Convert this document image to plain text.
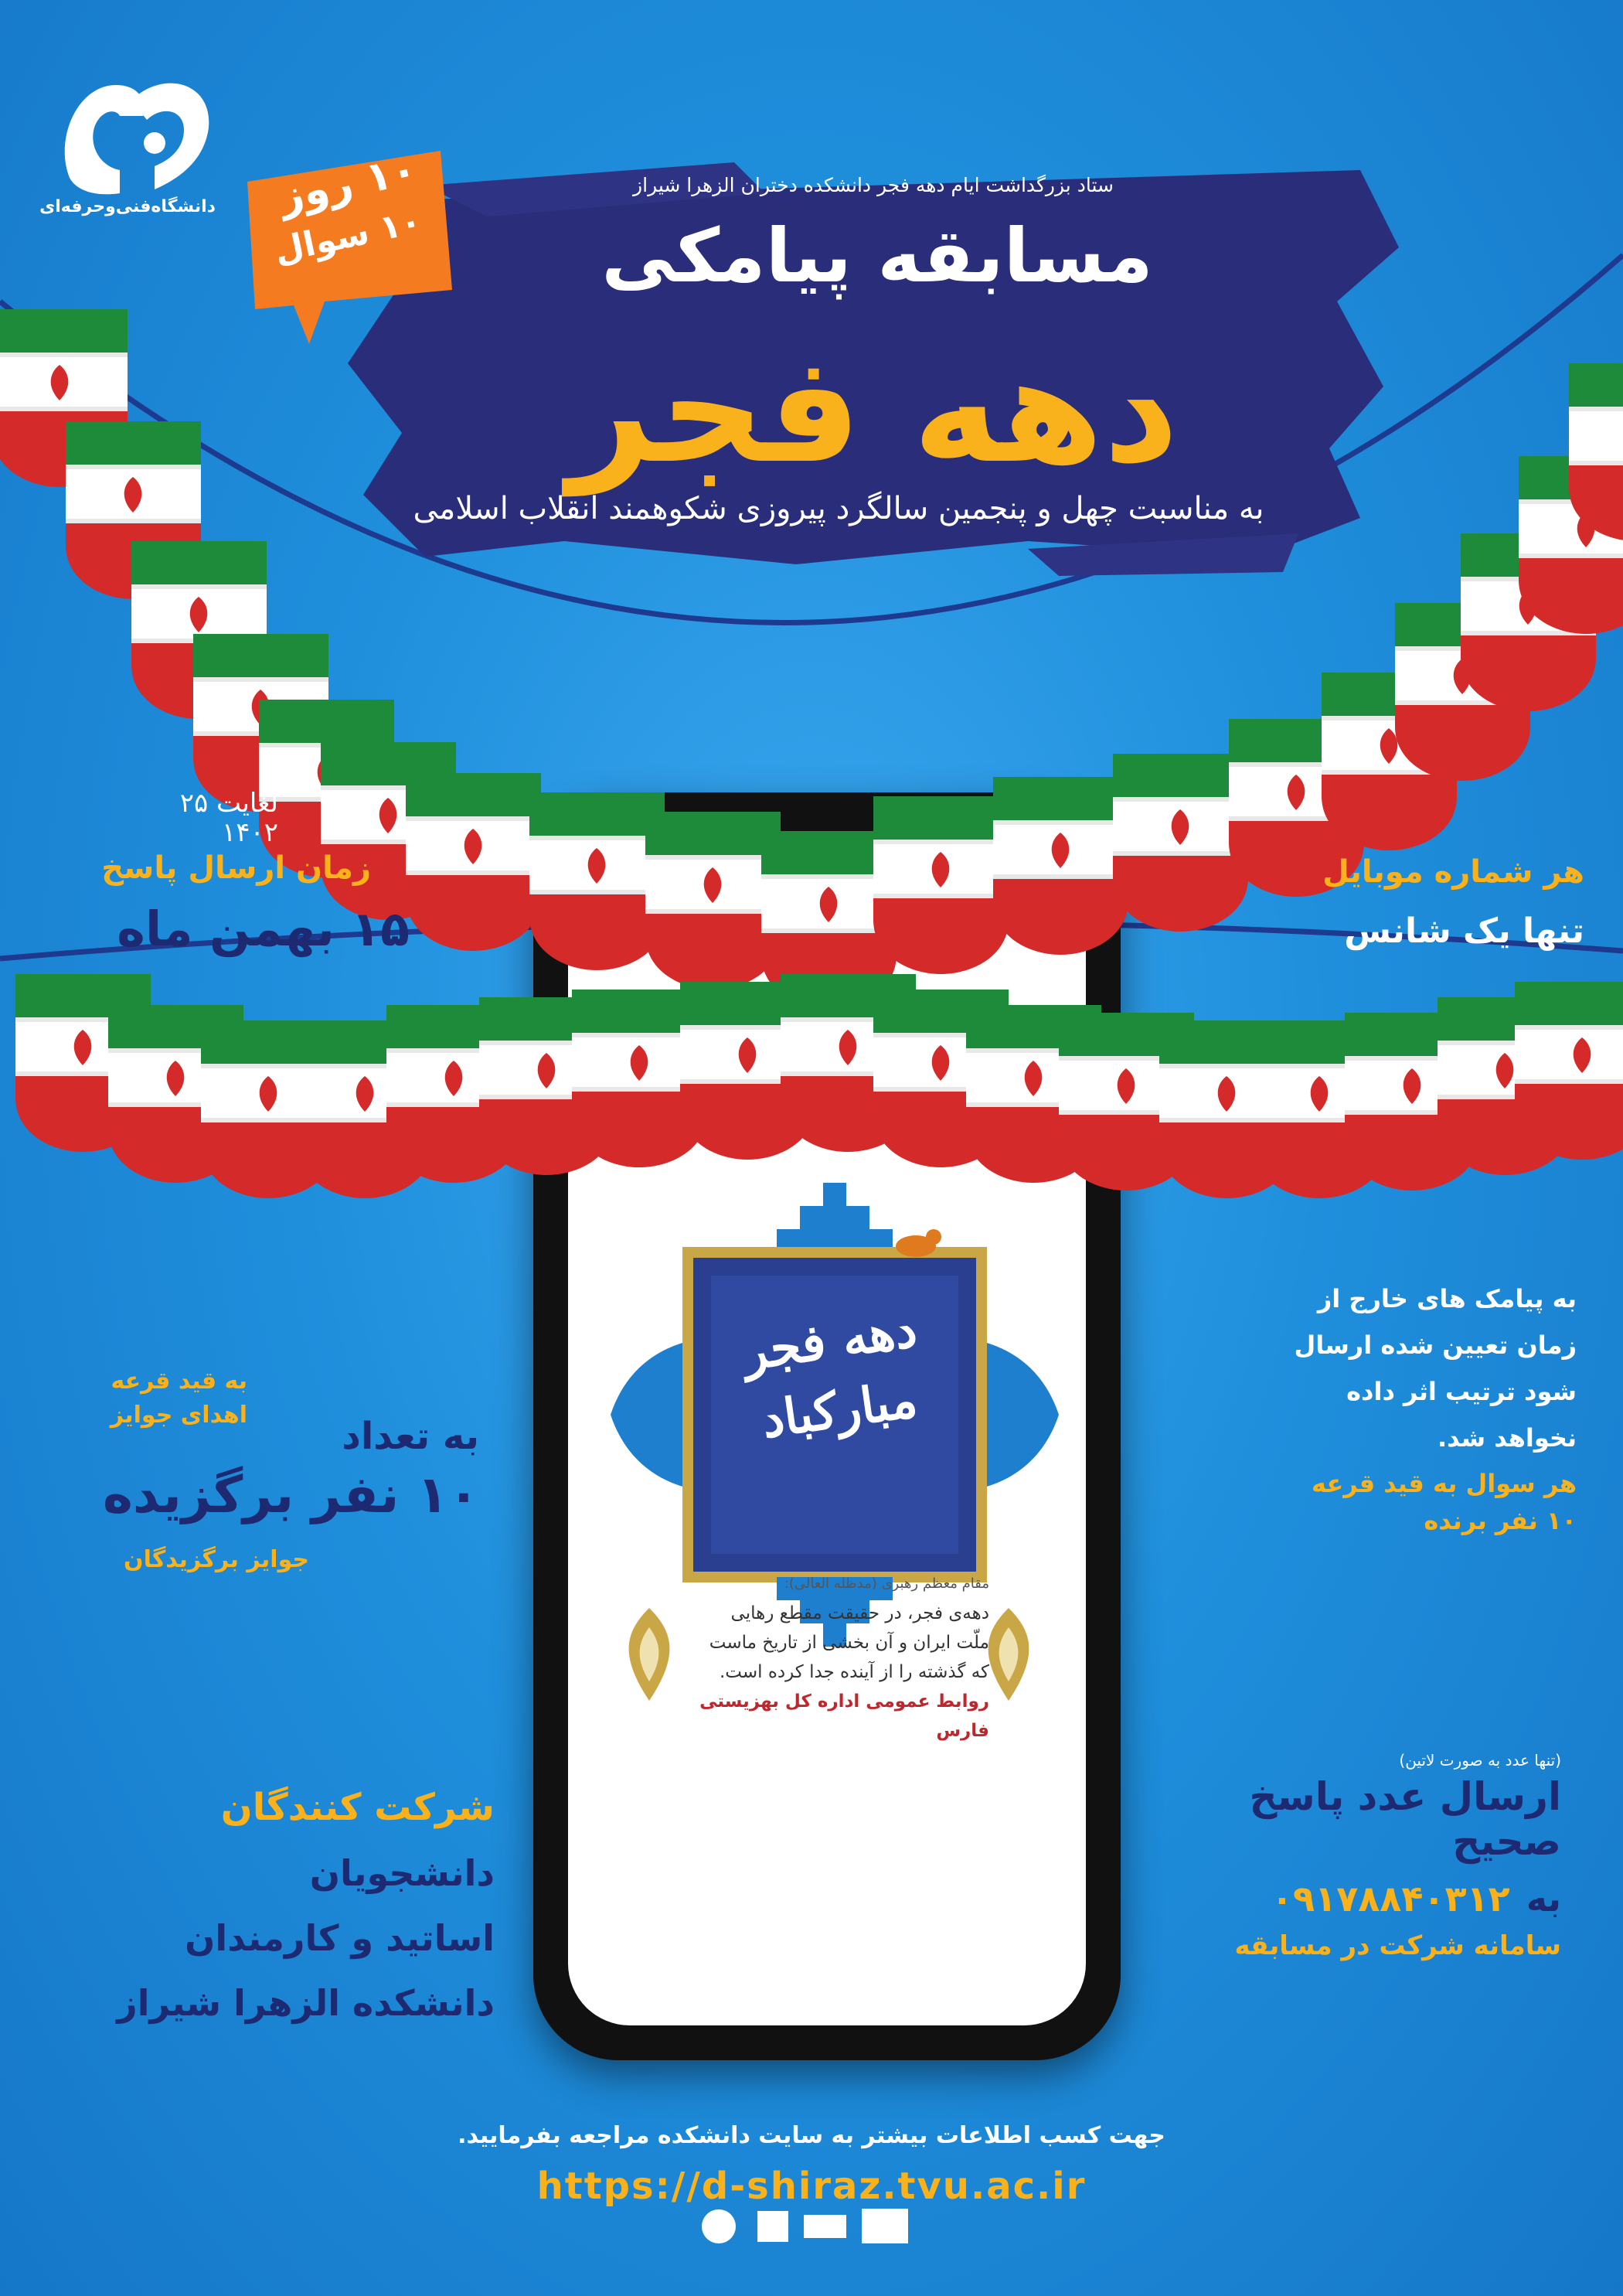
دانشگاه‌فنی‌وحرفه‌ای
ستاد بزرگداشت ایام دهه فجر دانشکده دختران الزهرا شیراز
مسابقه پیامکی
دهه فجر
به مناسبت چهل و پنجمین سالگرد پیروزی شکوهمند انقلاب اسلامی
۱۰ روز
۱۰ سوال
دهه فجر مبارکباد
مقام معظم رهبری (مدظله العالی):
دهه‌ی فجر، در حقیقت مقطع رهایی
ملّت ایران و آن بخشی از تاریخ ماست
که گذشته را از آینده جدا کرده است.
روابط عمومی اداره کل بهزیستی فارس
لغایت ۲۵
۱۴۰۲
زمان ارسال پاسخ
۱۵ بهمن ماه
به قید قرعه
اهدای جوایز	به تعداد
۱۰ نفر برگزیده
جوایز برگزیدگان
شرکت کنندگان
دانشجویان
اساتید و کارمندان
دانشکده الزهرا شیراز
هر شماره موبایل
تنها یک شانس
به پیامک های خارج از
زمان تعیین شده ارسال
شود ترتیب اثر داده
نخواهد شد.
هر سوال به قید قرعه
۱۰ نفر برنده
(تنها عدد به صورت لاتین)
ارسال عدد پاسخ صحیح
به ۰۹۱۷۸۸۴۰۳۱۲
سامانه شرکت در مسابقه
جهت کسب اطلاعات بیشتر به سایت دانشکده مراجعه بفرمایید.
https://d-shiraz.tvu.ac.ir
